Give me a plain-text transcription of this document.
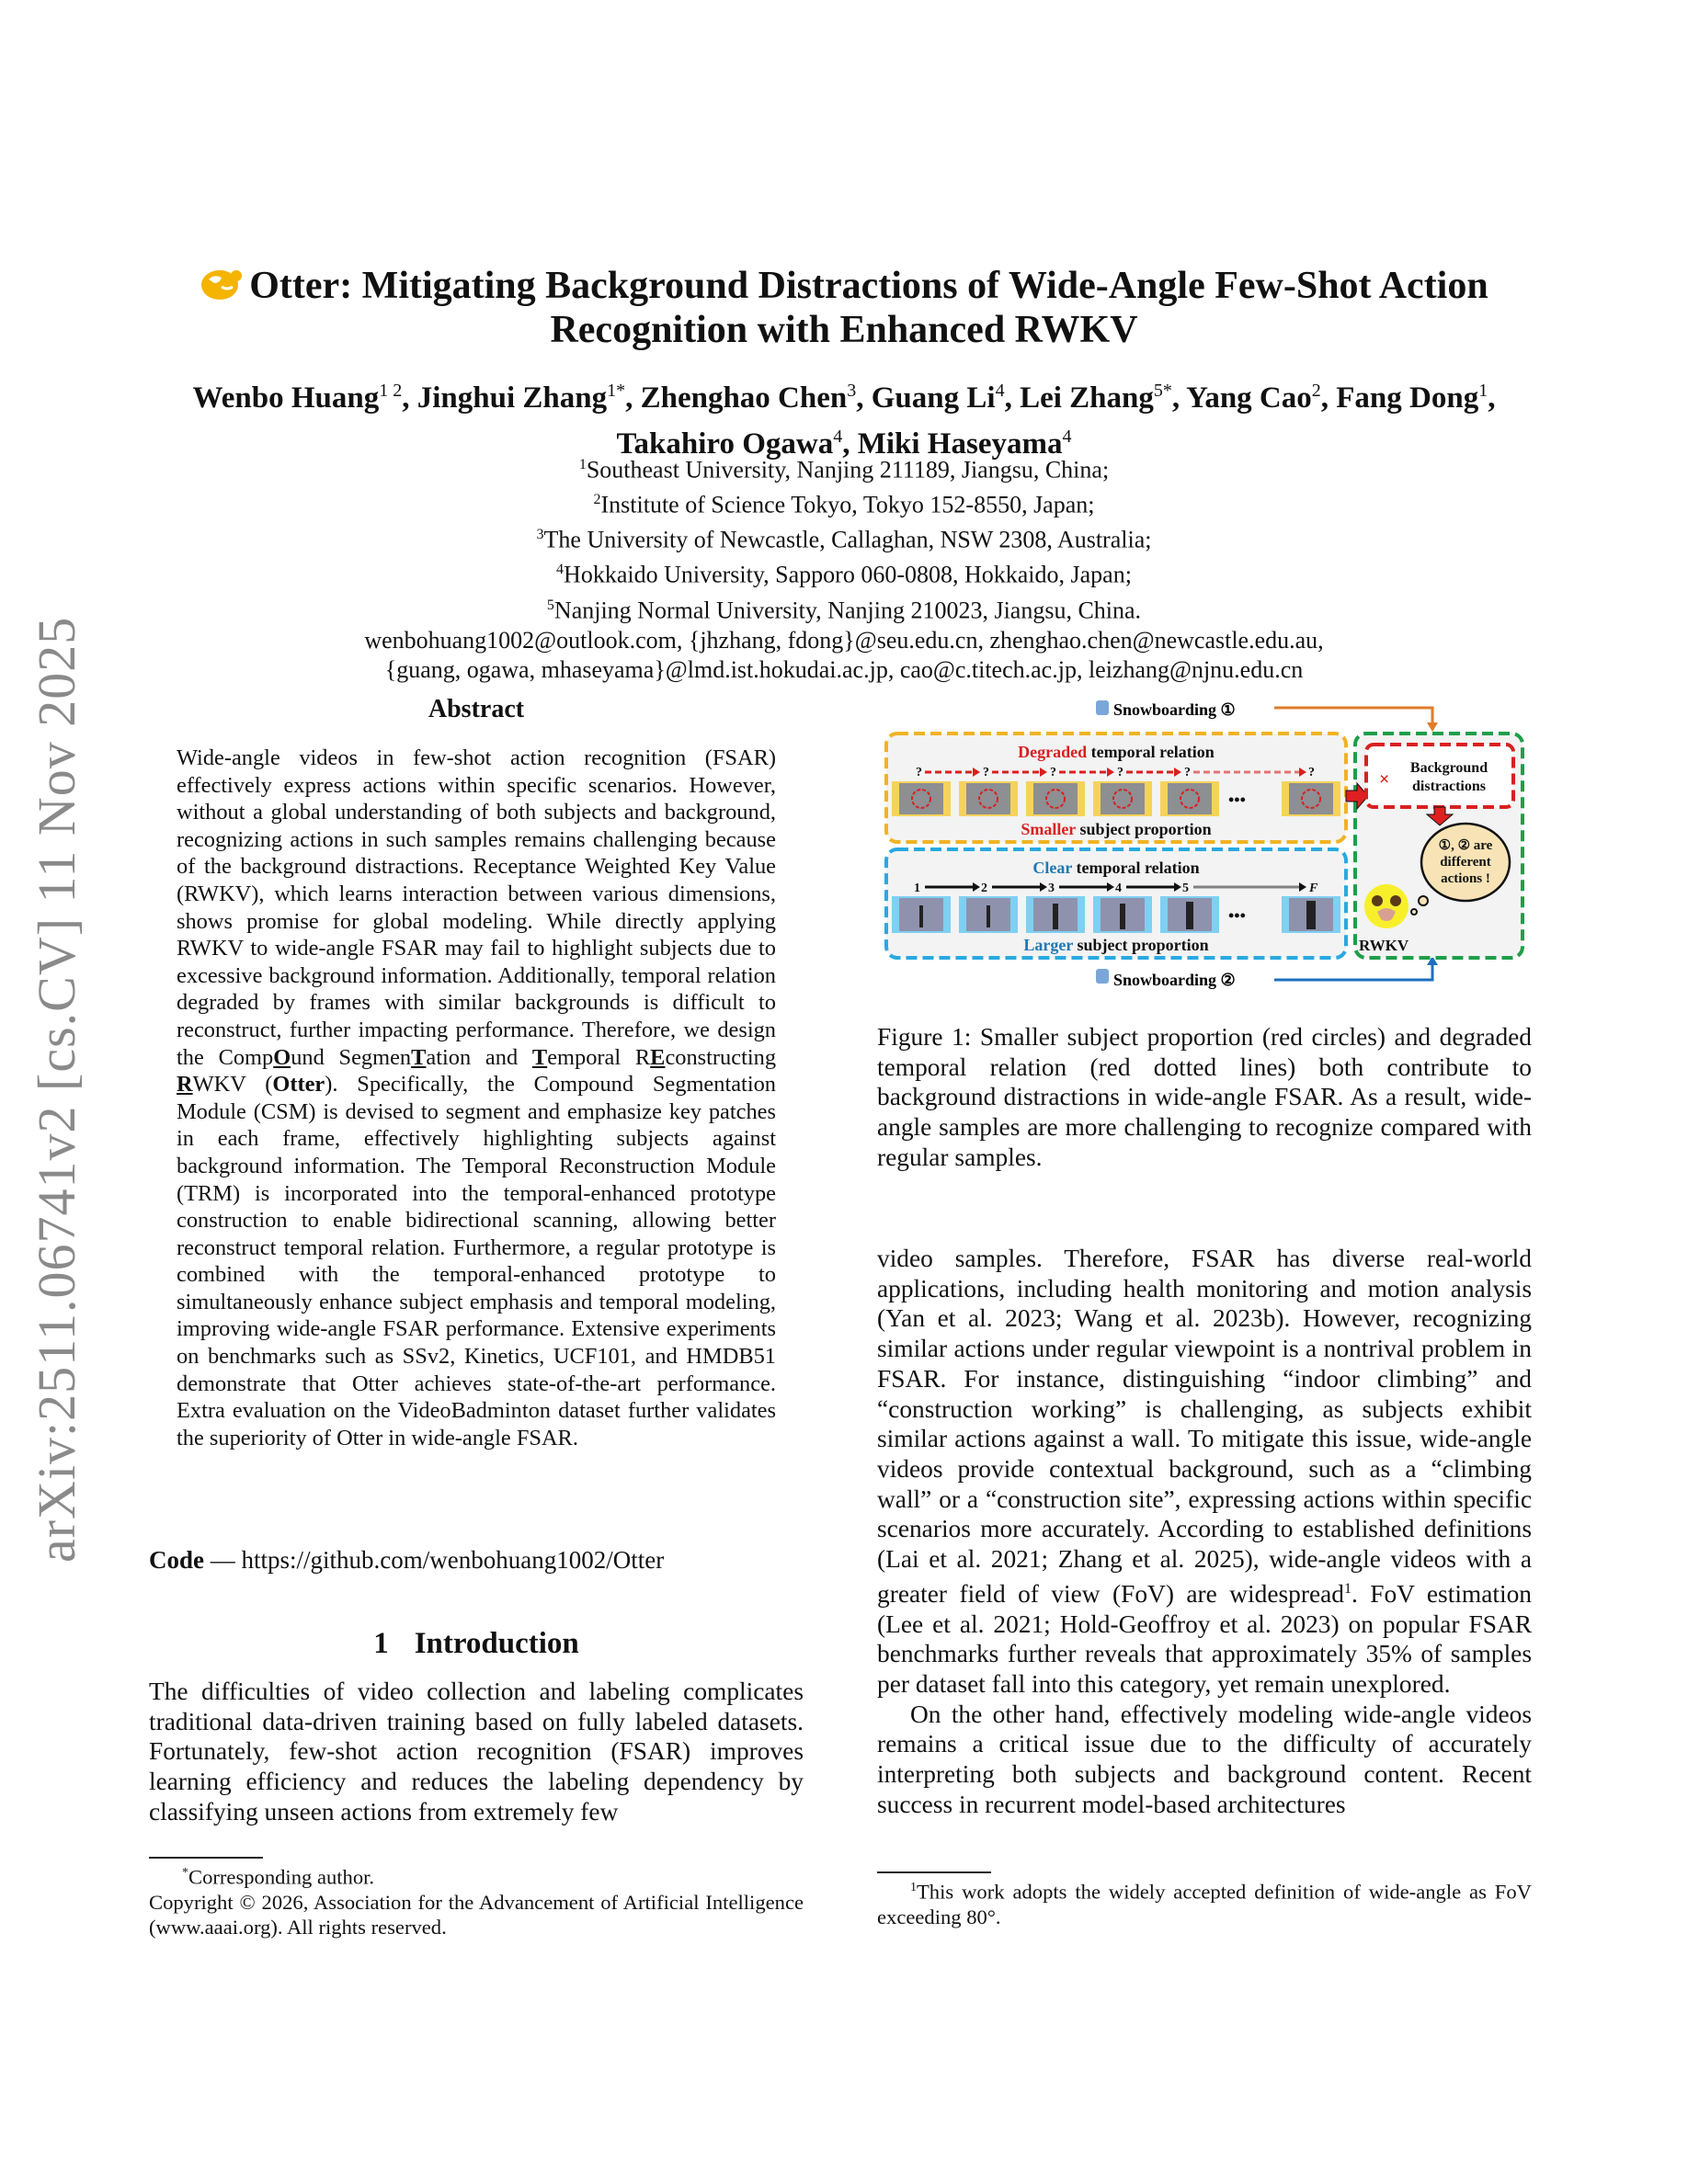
arXiv:2511.06741v2 [cs.CV] 11 Nov 2025
Otter: Mitigating Background Distractions of Wide-Angle Few-Shot Action
Recognition with Enhanced RWKV
Wenbo Huang$^{1 2}$, Jinghui Zhang$^{1*}$, Zhenghao Chen$^3$, Guang Li$^4$, Lei Zhang$^{5*}$, Yang Cao$^2$, Fang Dong$^1$, Takahiro Ogawa$^4$, Miki Haseyama$^4$
$^1$Southeast University, Nanjing 211189, Jiangsu, China;
$^2$Institute of Science Tokyo, Tokyo 152-8550, Japan;
$^3$The University of Newcastle, Callaghan, NSW 2308, Australia;
$^4$Hokkaido University, Sapporo 060-0808, Hokkaido, Japan;
$^5$Nanjing Normal University, Nanjing 210023, Jiangsu, China.
wenbohuang1002@outlook.com, {jhzhang, fdong}@seu.edu.cn, zhenghao.chen@newcastle.edu.au,
{guang, ogawa, mhaseyama}@lmd.ist.hokudai.ac.jp, cao@c.titech.ac.jp, leizhang@njnu.edu.cn
Abstract
Wide-angle videos in few-shot action recognition (FSAR) effectively express actions within specific scenarios. However, without a global understanding of both subjects and background, recognizing actions in such samples remains challenging because of the background distractions. Receptance Weighted Key Value (RWKV), which learns interaction between various dimensions, shows promise for global modeling. While directly applying RWKV to wide-angle FSAR may fail to highlight subjects due to excessive background information. Additionally, temporal relation degraded by frames with similar backgrounds is difficult to reconstruct, further impacting performance. Therefore, we design the CompOund SegmenTation and Temporal REconstructing RWKV (Otter). Specifically, the Compound Segmentation Module (CSM) is devised to segment and emphasize key patches in each frame, effectively highlighting subjects against background information. The Temporal Reconstruction Module (TRM) is incorporated into the temporal-enhanced prototype construction to enable bidirectional scanning, allowing better reconstruct temporal relation. Furthermore, a regular prototype is combined with the temporal-enhanced prototype to simultaneously enhance subject emphasis and temporal modeling, improving wide-angle FSAR performance. Extensive experiments on benchmarks such as SSv2, Kinetics, UCF101, and HMDB51 demonstrate that Otter achieves state-of-the-art performance. Extra evaluation on the VideoBadminton dataset further validates the superiority of Otter in wide-angle FSAR.
Code — https://github.com/wenbohuang1002/Otter
1 Introduction
The difficulties of video collection and labeling complicates traditional data-driven training based on fully labeled datasets. Fortunately, few-shot action recognition (FSAR) improves learning efficiency and reduces the labeling dependency by classifying unseen actions from extremely few
*Corresponding author.
Copyright © 2026, Association for the Advancement of Artificial Intelligence (www.aaai.org). All rights reserved.
Snowboarding ①
Snowboarding ②
Degraded temporal relation
?	?	?	?	?	?
•••
Smaller subject proportion
Clear temporal relation
1	2	3	4	5	F
•••
Larger subject proportion
×
Background
distractions
①, ② are
different
actions !
RWKV
Figure 1: Smaller subject proportion (red circles) and degraded temporal relation (red dotted lines) both contribute to background distractions in wide-angle FSAR. As a result, wide-angle samples are more challenging to recognize compared with regular samples.

video samples. Therefore, FSAR has diverse real-world applications, including health monitoring and motion analysis (Yan et al. 2023; Wang et al. 2023b). However, recognizing similar actions under regular viewpoint is a nontrival problem in FSAR. For instance, distinguishing “indoor climbing” and “construction working” is challenging, as subjects exhibit similar actions against a wall. To mitigate this issue, wide-angle videos provide contextual background, such as a “climbing wall” or a “construction site”, expressing actions within specific scenarios more accurately. According to established definitions (Lai et al. 2021; Zhang et al. 2025), wide-angle videos with a greater field of view (FoV) are widespread$^1$. FoV estimation (Lee et al. 2021; Hold-Geoffroy et al. 2023) on popular FSAR benchmarks further reveals that approximately 35% of samples per dataset fall into this category, yet remain unexplored.

On the other hand, effectively modeling wide-angle videos remains a critical issue due to the difficulty of accurately interpreting both subjects and background content. Recent success in recurrent model-based architectures

$^1$This work adopts the widely accepted definition of wide-angle as FoV exceeding 80°.
